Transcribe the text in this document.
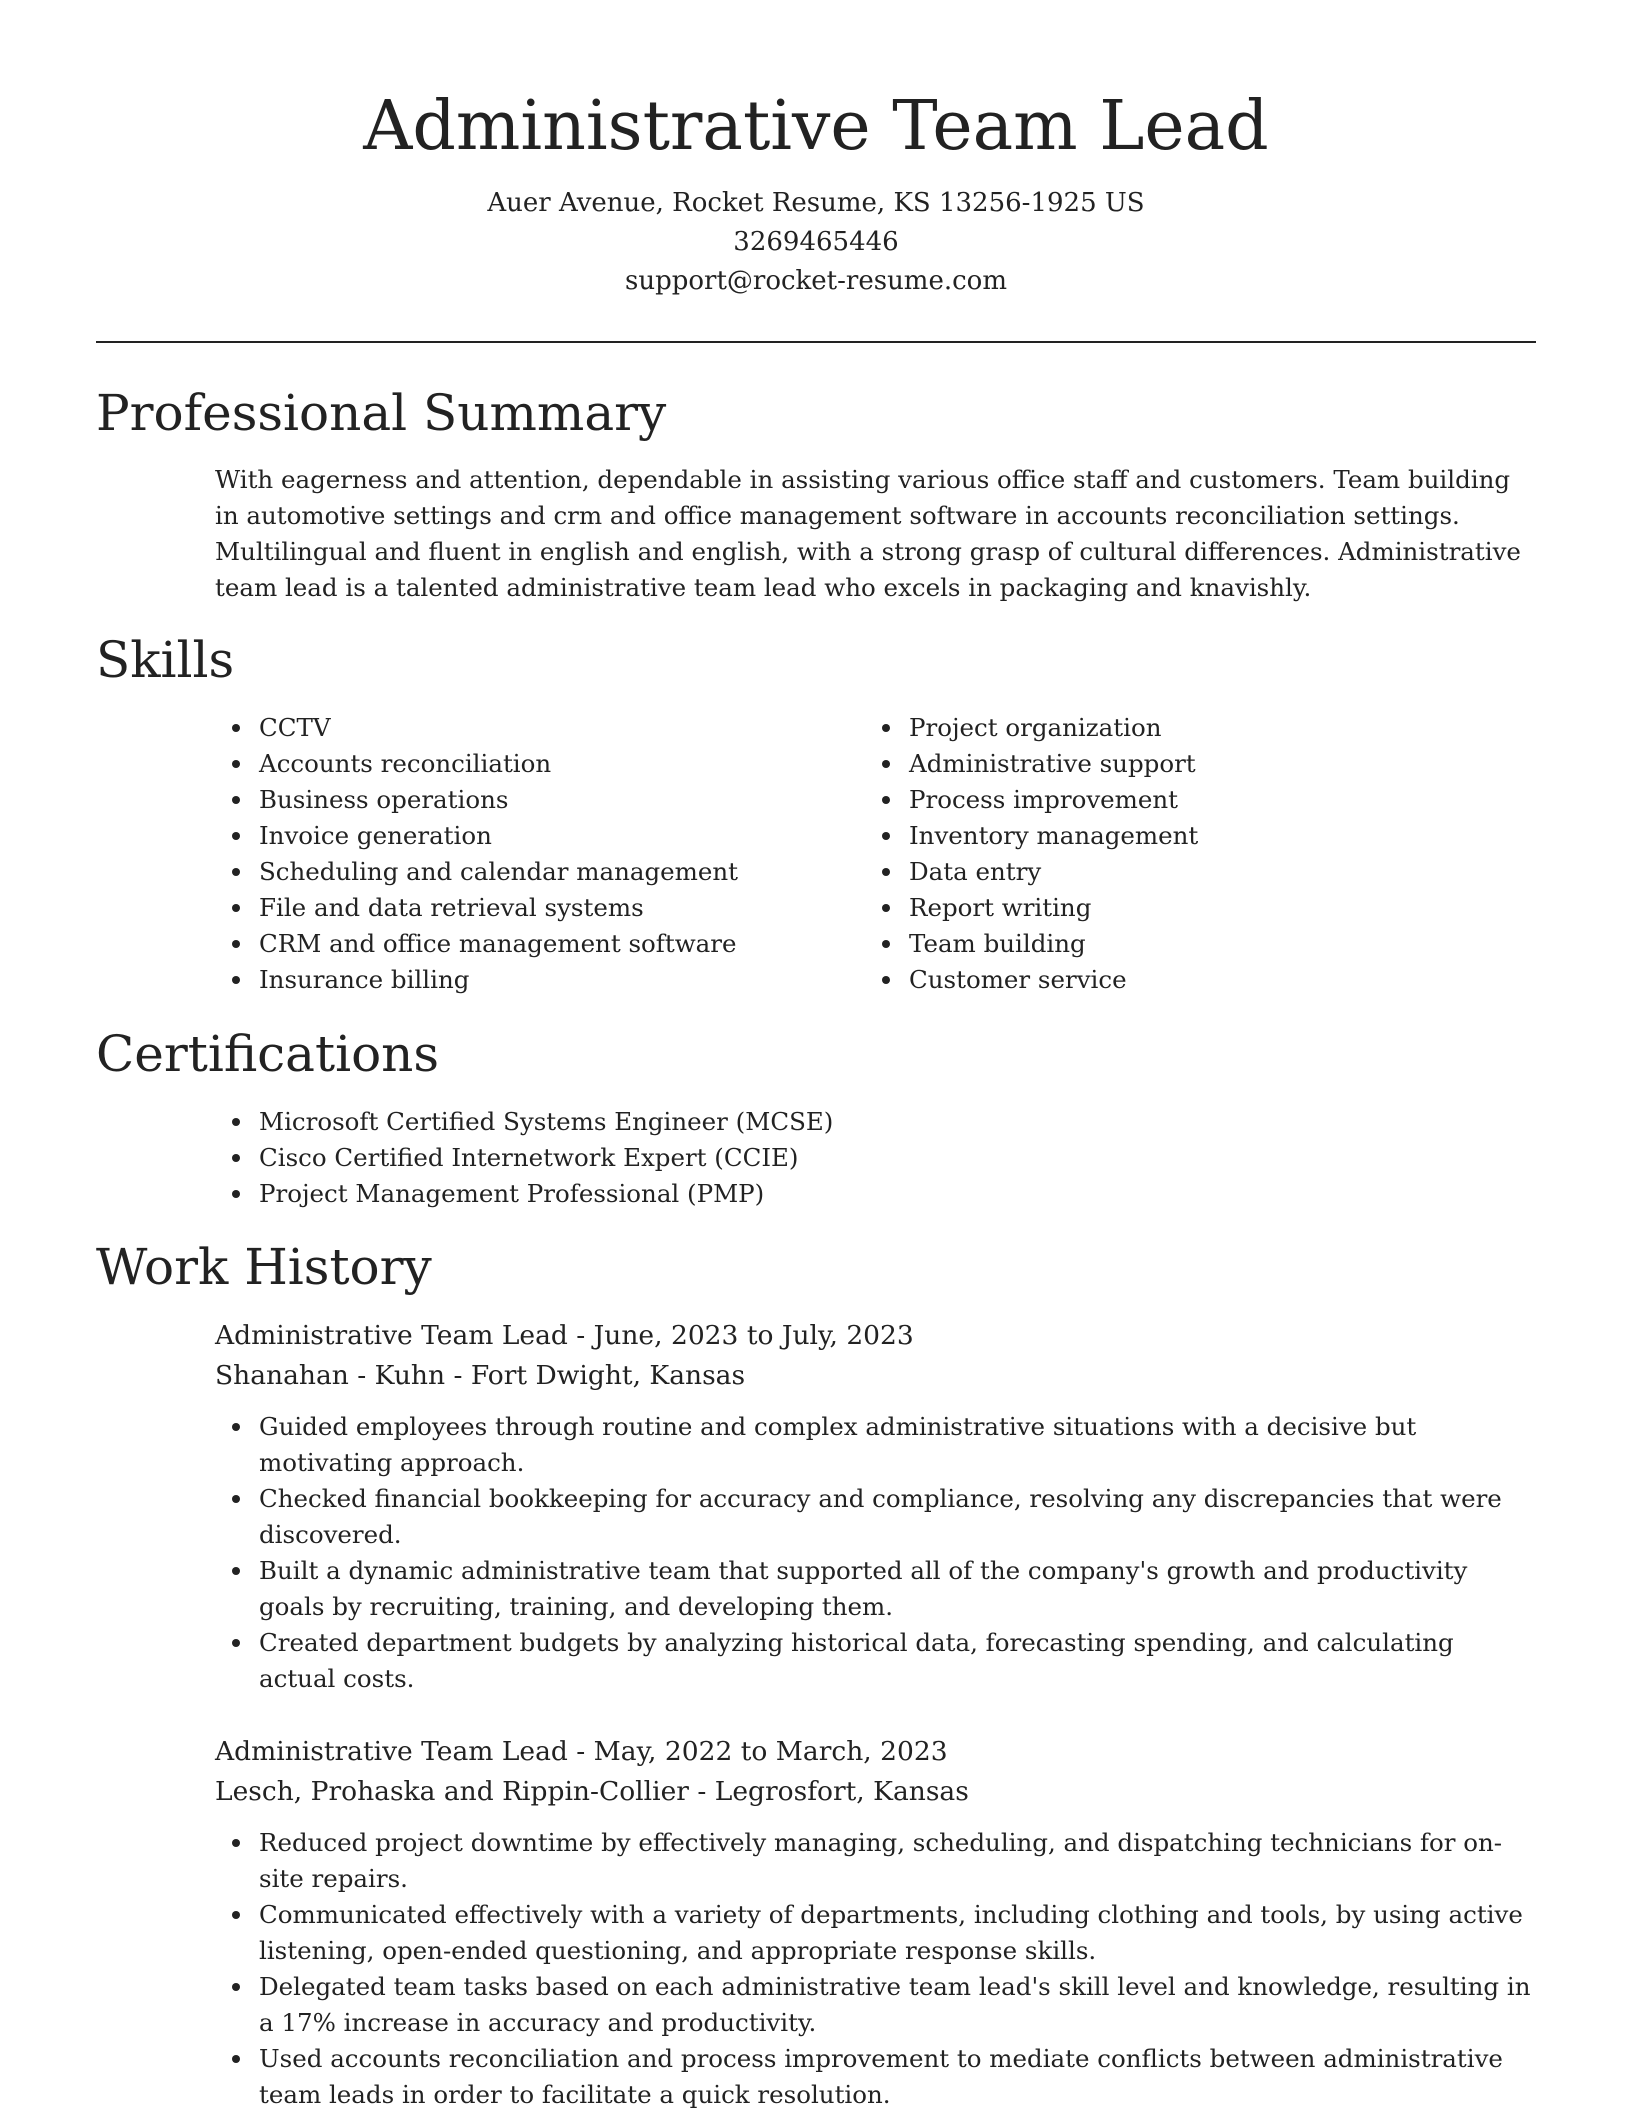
Administrative Team Lead
Auer Avenue, Rocket Resume, KS 13256-1925 US
3269465446
support@rocket-resume.com
Professional Summary
With eagerness and attention, dependable in assisting various office staff and customers. Team building in automotive settings and crm and office management software in accounts reconciliation settings. Multilingual and fluent in english and english, with a strong grasp of cultural differences. Administrative team lead is a talented administrative team lead who excels in packaging and knavishly.
Skills
CCTV
Accounts reconciliation
Business operations
Invoice generation
Scheduling and calendar management
File and data retrieval systems
CRM and office management software
Insurance billing
Project organization
Administrative support
Process improvement
Inventory management
Data entry
Report writing
Team building
Customer service
Certifications
Microsoft Certified Systems Engineer (MCSE)
Cisco Certified Internetwork Expert (CCIE)
Project Management Professional (PMP)
Work History
Administrative Team Lead - June, 2023 to July, 2023
Shanahan - Kuhn - Fort Dwight, Kansas
Guided employees through routine and complex administrative situations with a decisive but motivating approach.
Checked financial bookkeeping for accuracy and compliance, resolving any discrepancies that were discovered.
Built a dynamic administrative team that supported all of the company's growth and productivity goals by recruiting, training, and developing them.
Created department budgets by analyzing historical data, forecasting spending, and calculating actual costs.
Administrative Team Lead - May, 2022 to March, 2023
Lesch, Prohaska and Rippin-Collier - Legrosfort, Kansas
Reduced project downtime by effectively managing, scheduling, and dispatching technicians for on-site repairs.
Communicated effectively with a variety of departments, including clothing and tools, by using active listening, open-ended questioning, and appropriate response skills.
Delegated team tasks based on each administrative team lead's skill level and knowledge, resulting in a 17% increase in accuracy and productivity.
Used accounts reconciliation and process improvement to mediate conflicts between administrative team leads in order to facilitate a quick resolution.
